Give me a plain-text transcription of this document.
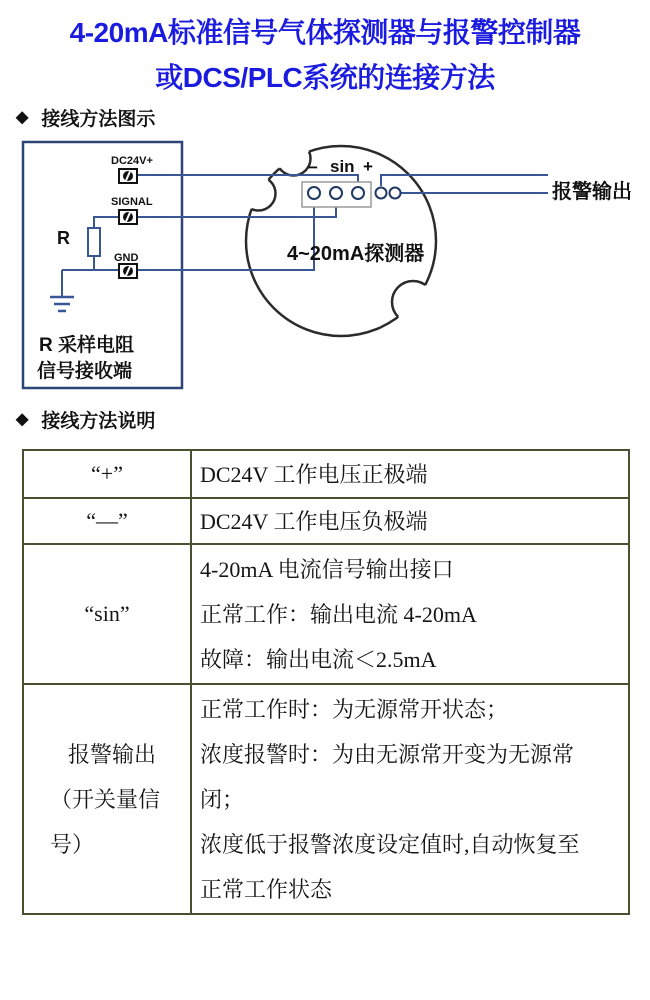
4-20mA标准信号气体探测器与报警控制器
或DCS/PLC系统的连接方法
◆ 接线方法图示
DC24V+
SIGNAL
GND
R
R 采样电阻
信号接收端
− sin +
4~20mA探测器
报警输出
◆ 接线方法说明
“+”	DC24V 工作电压正极端

“—”	DC24V 工作电压负极端

“sin”

4-20mA 电流信号输出接口

正常工作：输出电流 4-20mA

故障：输出电流＜2.5mA

报警输出（开关量信号）

正常工作时：为无源常开状态；

浓度报警时：为由无源常开变为无源常闭；

浓度低于报警浓度设定值时,自动恢复至正常工作状态
